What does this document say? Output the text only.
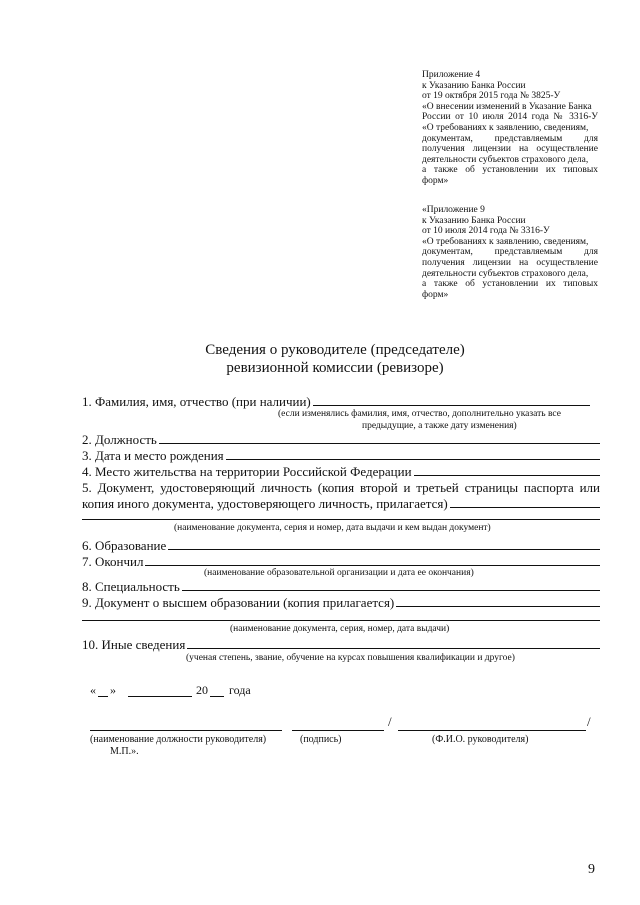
Приложение 4
к Указанию Банка России
от 19 октября 2015 года № 3825-У
«О внесении изменений в Указание Банка
России от 10 июля 2014 года № 3316-У
«О требованиях к заявлению, сведениям,
документам, представляемым для
получения лицензии на осуществление
деятельности субъектов страхового дела,
а также об установлении их типовых
форм»
«Приложение 9
к Указанию Банка России
от 10 июля 2014 года № 3316-У
«О требованиях к заявлению, сведениям,
документам, представляемым для
получения лицензии на осуществление
деятельности субъектов страхового дела,
а также об установлении их типовых
форм»
Сведения о руководителе (председателе)
ревизионной комиссии (ревизоре)
1. Фамилия, имя, отчество (при наличии)
(если изменялись фамилия, имя, отчество, дополнительно указать все
предыдущие, а также дату изменения)
2. Должность
3. Дата и место рождения
4. Место жительства на территории Российской Федерации
5. Документ, удостоверяющий личность (копия второй и третьей страницы паспорта или
копия иного документа, удостоверяющего личность, прилагается)
(наименование документа, серия и номер, дата выдачи и кем выдан документ)
6. Образование
7. Окончил
(наименование образовательной организации и дата ее окончания)
8. Специальность
9. Документ о высшем образовании (копия прилагается)
(наименование документа, серия, номер, дата выдачи)
10. Иные сведения
(ученая степень, звание, обучение на курсах повышения квалификации и другое)
« »	20 года
/	/
(наименование должности руководителя)	(подпись)	(Ф.И.О. руководителя)
М.П.».
9
